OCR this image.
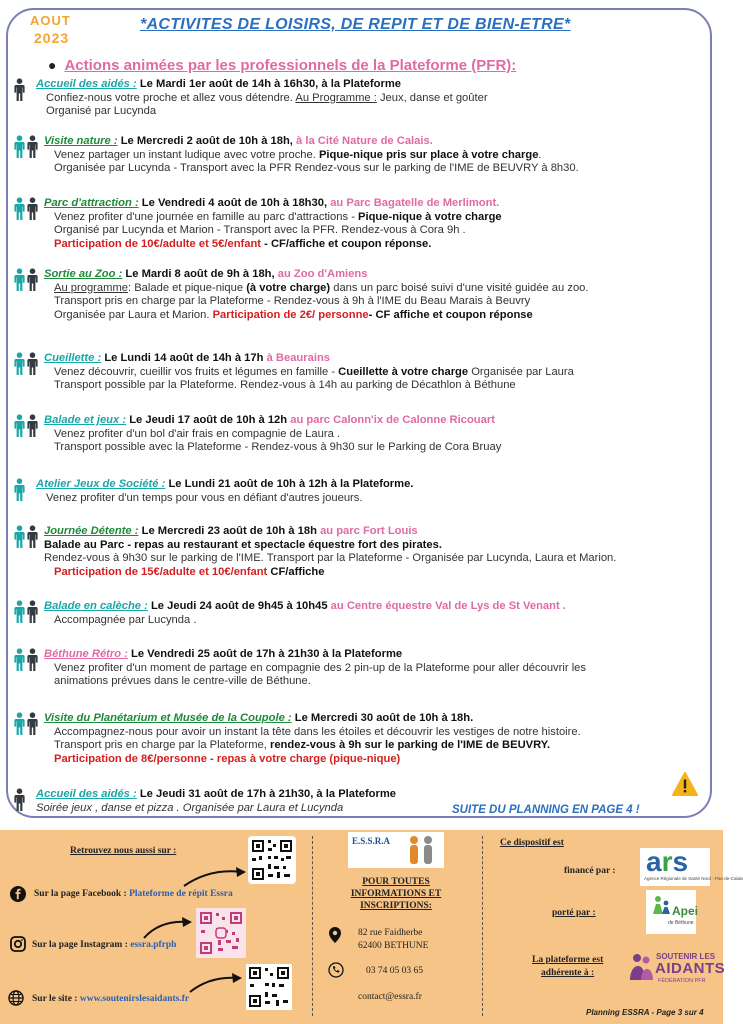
AOUT
2023
*ACTIVITES DE LOISIRS, DE REPIT ET DE BIEN-ETRE*
● Actions animées par les professionnels de la Plateforme (PFR):
Accueil des aidés : Le Mardi 1er août de 14h à 16h30, à la Plateforme
Confiez-nous votre proche et allez vous détendre. Au Programme : Jeux, danse et goûter
Organisé par Lucynda
Visite nature : Le Mercredi 2 août de 10h à 18h, à la Cité Nature de Calais.
Venez partager un instant ludique avec votre proche. Pique-nique pris sur place à votre charge.
Organisée par Lucynda - Transport avec la PFR Rendez-vous sur le parking de l'IME de BEUVRY à 8h30.
Parc d'attraction : Le Vendredi 4 août de 10h à 18h30, au Parc Bagatelle de Merlimont.
Venez profiter d'une journée en famille au parc d'attractions - Pique-nique à votre charge
Organisé par Lucynda et Marion - Transport avec la PFR. Rendez-vous à Cora 9h .
Participation de 10€/adulte et 5€/enfant - CF/affiche et coupon réponse.
Sortie au Zoo : Le Mardi 8 août de 9h à 18h, au Zoo d'Amiens
Au programme: Balade et pique-nique (à votre charge) dans un parc boisé suivi d'une visité guidée au zoo.
Transport pris en charge par la Plateforme - Rendez-vous à 9h à l'IME du Beau Marais à Beuvry
Organisée par Laura et Marion. Participation de 2€/ personne- CF affiche et coupon réponse
Cueillette : Le Lundi 14 août de 14h à 17h à Beaurains
Venez découvrir, cueillir vos fruits et légumes en famille - Cueillette à votre charge Organisée par Laura
Transport possible par la Plateforme. Rendez-vous à 14h au parking de Décathlon à Béthune
Balade et jeux : Le Jeudi 17 août de 10h à 12h au parc Calonn'ix de Calonne Ricouart
Venez profiter d'un bol d'air frais en compagnie de Laura .
Transport possible avec la Plateforme - Rendez-vous à 9h30 sur le Parking de Cora Bruay
Atelier Jeux de Société : Le Lundi 21 août de 10h à 12h à la Plateforme.
Venez profiter d'un temps pour vous en défiant d'autres joueurs.
Journée Détente : Le Mercredi 23 août de 10h à 18h au parc Fort Louis
Balade au Parc - repas au restaurant et spectacle équestre fort des pirates.
Rendez-vous à 9h30 sur le parking de l'IME. Transport par la Plateforme - Organisée par Lucynda, Laura et Marion.
Participation de 15€/adulte et 10€/enfant CF/affiche
Balade en calèche : Le Jeudi 24 août de 9h45 à 10h45 au Centre équestre Val de Lys de St Venant .
Accompagnée par Lucynda .
Béthune Rétro : Le Vendredi 25 août de 17h à 21h30 à la Plateforme
Venez profiter d'un moment de partage en compagnie des 2 pin-up de la Plateforme pour aller découvrir les
animations prévues dans le centre-ville de Béthune.
Visite du Planétarium et Musée de la Coupole : Le Mercredi 30 août de 10h à 18h.
Accompagnez-nous pour avoir un instant la tête dans les étoiles et découvrir les vestiges de notre histoire.
Transport pris en charge par la Plateforme, rendez-vous à 9h sur le parking de l'IME de BEUVRY.
Participation de 8€/personne - repas à votre charge (pique-nique)
Accueil des aidés : Le Jeudi 31 août de 17h à 21h30, à la Plateforme
Soirée jeux , danse et pizza . Organisée par Laura et Lucynda	SUITE DU PLANNING EN PAGE 4 !
Retrouvez nous aussi sur :
Sur la page Facebook : Plateforme de répit Essra
Sur la page Instagram : essra.pfrph
Sur le site : www.soutenirslesaidants.fr
E.S.S.R.A
POUR TOUTES
INFORMATIONS ET
INSCRIPTIONS:
82 rue Faidherbe
62400 BETHUNE
03 74 05 03 65
contact@essra.fr
Ce dispositif est
financé par : ars
Agence Régionale de Santé Nord - Pas-de-Calais
porté par :	Apei
de Béthune
La plateforme est
adhérente à :
SOUTENIR LES
AIDANTS
FÉDÉRATION PFR
Planning ESSRA - Page 3 sur 4
